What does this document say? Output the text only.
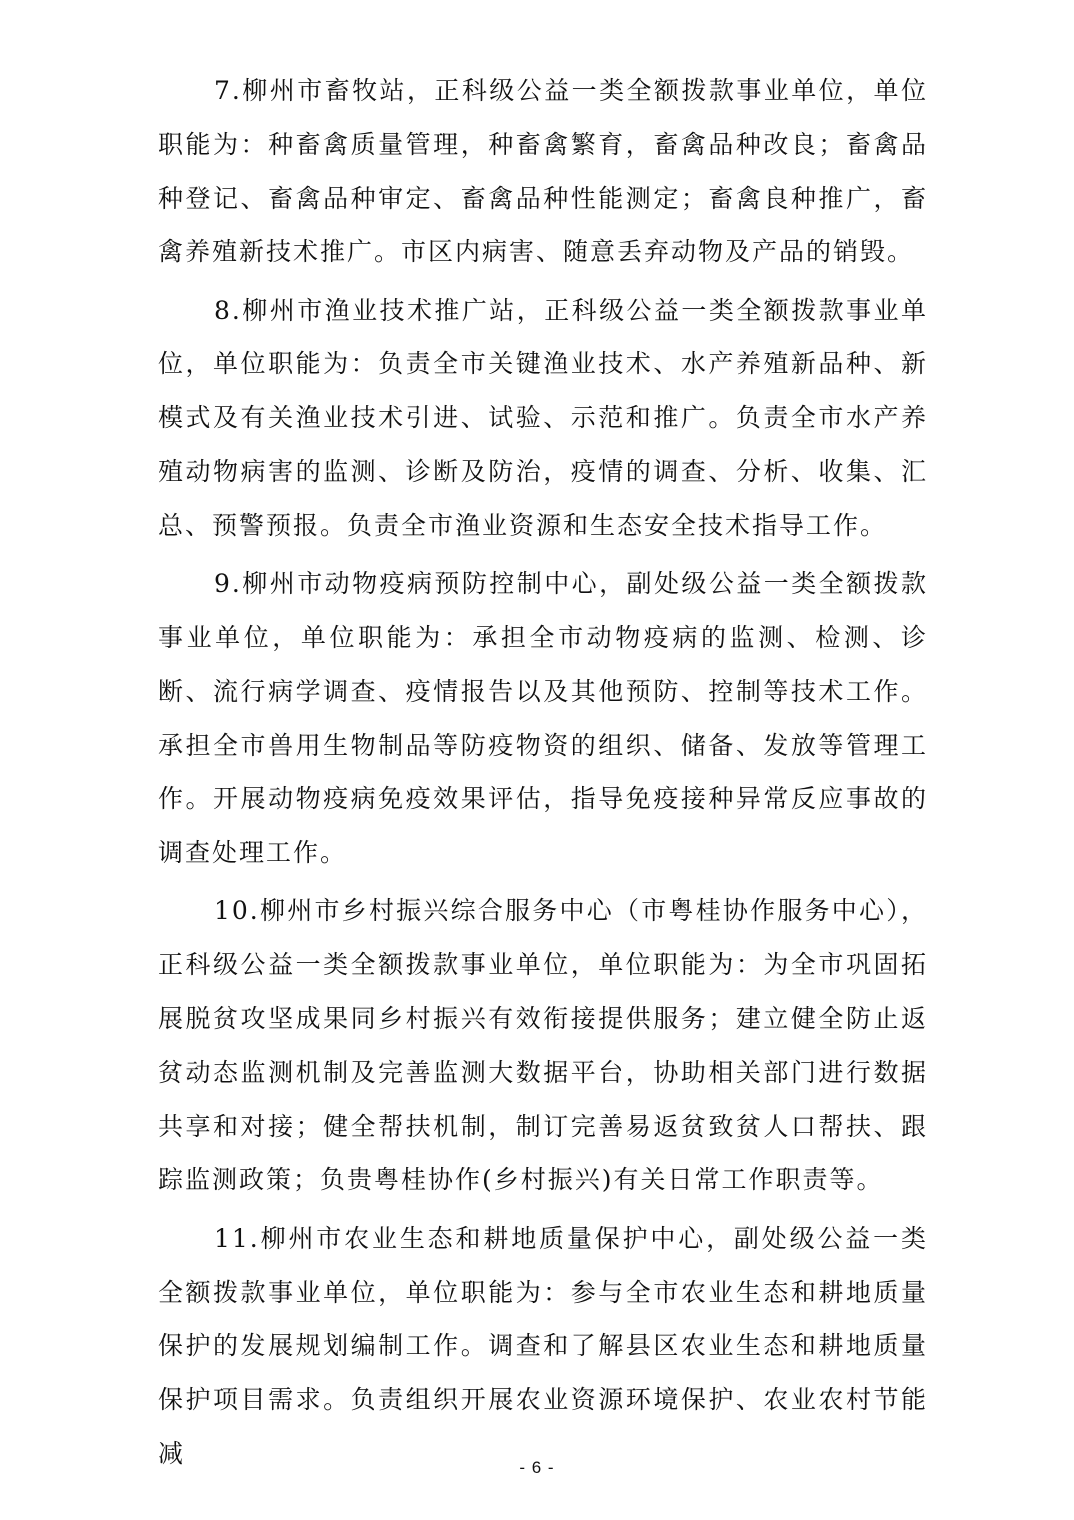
7.柳州市畜牧站，正科级公益一类全额拨款事业单位，单位职能为：种畜禽质量管理，种畜禽繁育，畜禽品种改良；畜禽品种登记、畜禽品种审定、畜禽品种性能测定；畜禽良种推广，畜禽养殖新技术推广。市区内病害、随意丢弃动物及产品的销毁。

8.柳州市渔业技术推广站，正科级公益一类全额拨款事业单位，单位职能为：负责全市关键渔业技术、水产养殖新品种、新模式及有关渔业技术引进、试验、示范和推广。负责全市水产养殖动物病害的监测、诊断及防治，疫情的调查、分析、收集、汇总、预警预报。负责全市渔业资源和生态安全技术指导工作。

9.柳州市动物疫病预防控制中心，副处级公益一类全额拨款事业单位，单位职能为：承担全市动物疫病的监测、检测、诊断、流行病学调查、疫情报告以及其他预防、控制等技术工作。承担全市兽用生物制品等防疫物资的组织、储备、发放等管理工作。开展动物疫病免疫效果评估，指导免疫接种异常反应事故的调查处理工作。

10.柳州市乡村振兴综合服务中心（市粤桂协作服务中心），正科级公益一类全额拨款事业单位，单位职能为：为全市巩固拓展脱贫攻坚成果同乡村振兴有效衔接提供服务；建立健全防止返贫动态监测机制及完善监测大数据平台，协助相关部门进行数据共享和对接；健全帮扶机制，制订完善易返贫致贫人口帮扶、跟踪监测政策；负贵粤桂协作(乡村振兴)有关日常工作职责等。

11.柳州市农业生态和耕地质量保护中心，副处级公益一类全额拨款事业单位，单位职能为：参与全市农业生态和耕地质量保护的发展规划编制工作。调查和了解县区农业生态和耕地质量保护项目需求。负责组织开展农业资源环境保护、农业农村节能减	- 6 -
